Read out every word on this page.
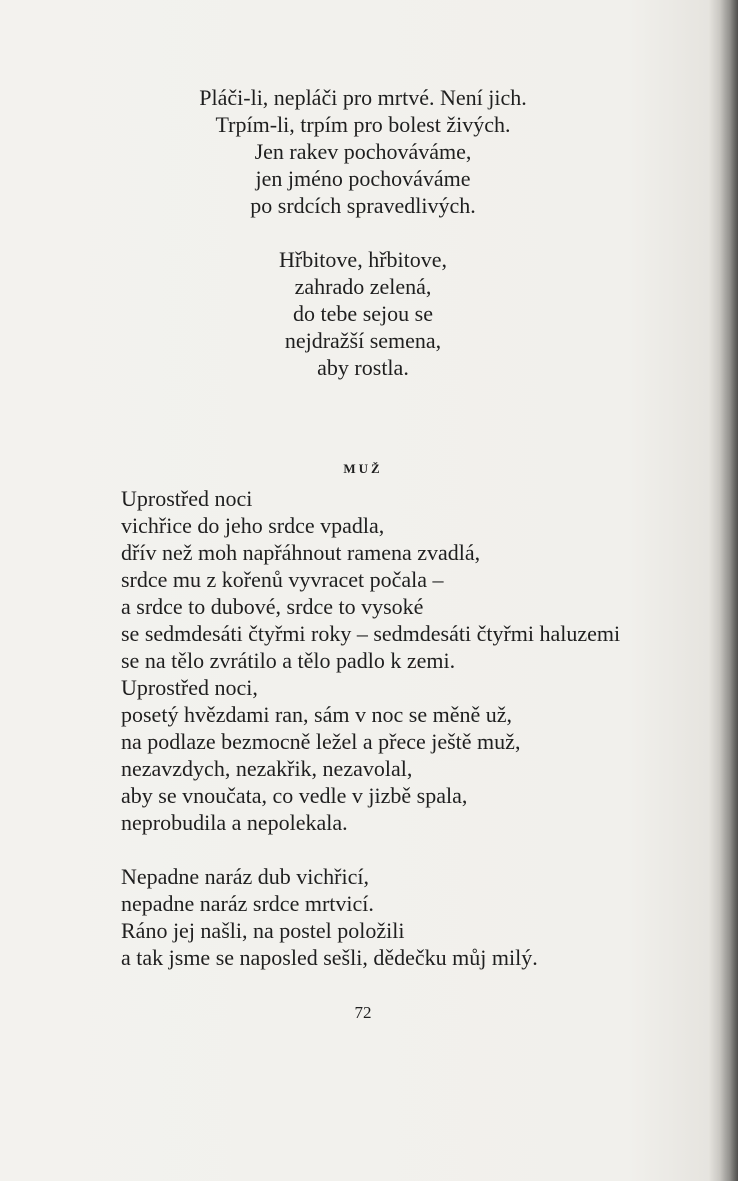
Pláči-li, nepláči pro mrtvé. Není jich.
Trpím-li, trpím pro bolest živých.
Jen rakev pochováváme,
jen jméno pochováváme
po srdcích spravedlivých.
Hřbitove, hřbitove,
zahrado zelená,
do tebe sejou se
nejdražší semena,
aby rostla.
MUŽ
Uprostřed noci
vichřice do jeho srdce vpadla,
dřív než moh napřáhnout ramena zvadlá,
srdce mu z kořenů vyvracet počala –
a srdce to dubové, srdce to vysoké
se sedmdesáti čtyřmi roky – sedmdesáti čtyřmi haluzemi
se na tělo zvrátilo a tělo padlo k zemi.
Uprostřed noci,
posetý hvězdami ran, sám v noc se měně už,
na podlaze bezmocně ležel a přece ještě muž,
nezavzdych, nezakřik, nezavolal,
aby se vnoučata, co vedle v jizbě spala,
neprobudila a nepolekala.
Nepadne naráz dub vichřicí,
nepadne naráz srdce mrtvicí.
Ráno jej našli, na postel položili
a tak jsme se naposled sešli, dědečku můj milý.
72
